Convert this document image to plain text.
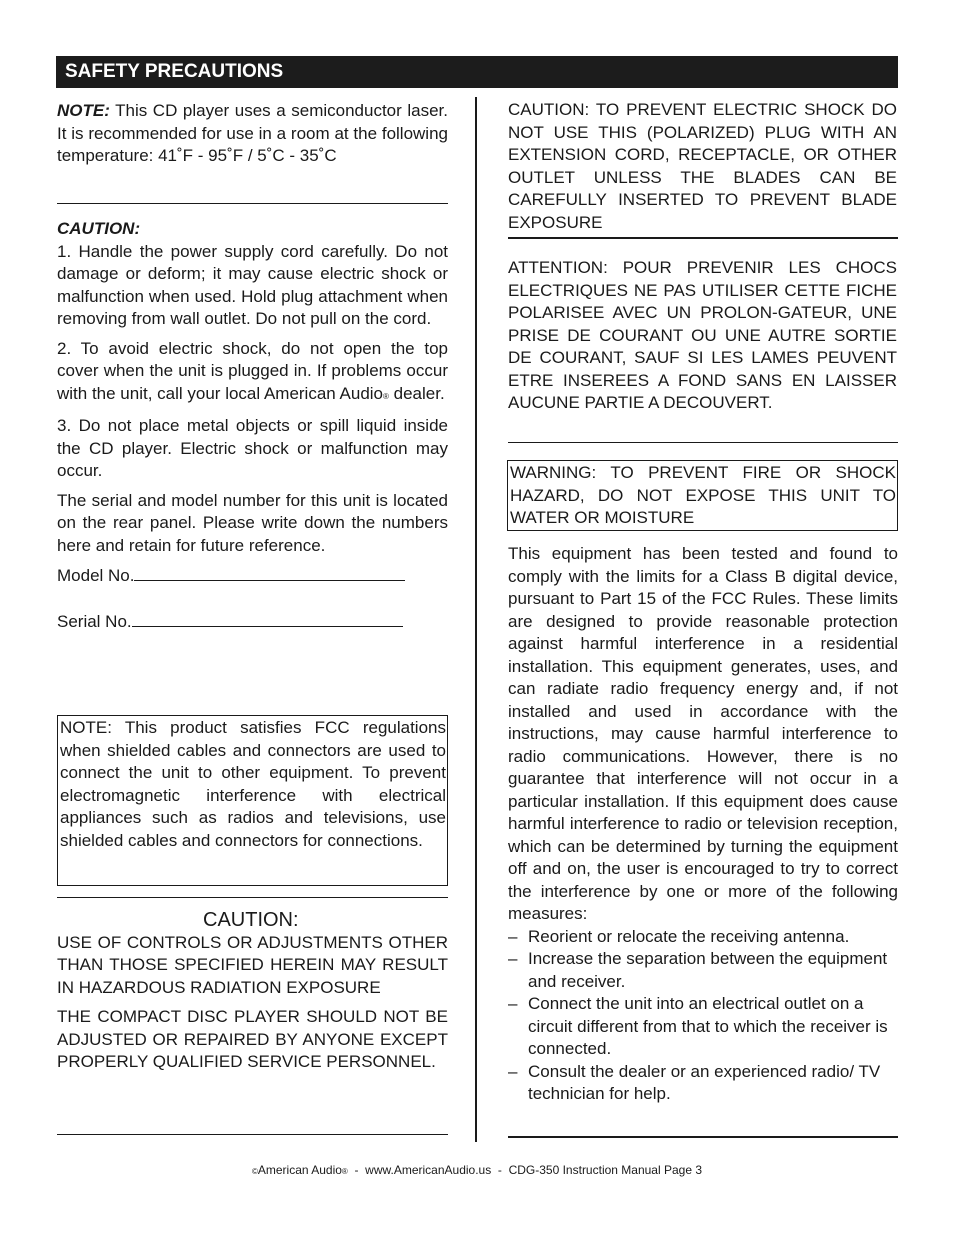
SAFETY PRECAUTIONS

NOTE: This CD player uses a semiconductor laser. It is recommended for use in a room at the following temperature: 41˚F - 95˚F / 5˚C - 35˚C

CAUTION:

1. Handle the power supply cord carefully. Do not damage or deform; it may cause electric shock or malfunction when used. Hold plug attachment when removing from wall outlet. Do not pull on the cord.

2. To avoid electric shock, do not open the top cover when the unit is plugged in. If problems occur with the unit, call your local American Audio® dealer.

3. Do not place metal objects or spill liquid inside the CD player. Electric shock or malfunction may occur.

The serial and model number for this unit is located on the rear panel. Please write down the numbers here and retain for future reference.

Model No.

Serial No.

NOTE: This product satisfies FCC regulations when shielded cables and connectors are used to connect the unit to other equipment. To prevent electromagnetic interference with electrical appliances such as radios and televisions, use shielded cables and connectors for connections.

CAUTION:

USE OF CONTROLS OR ADJUSTMENTS OTHER THAN THOSE SPECIFIED HEREIN MAY RESULT IN HAZARDOUS RADIATION EXPOSURE

THE COMPACT DISC PLAYER SHOULD NOT BE ADJUSTED OR REPAIRED BY ANYONE EXCEPT PROPERLY QUALIFIED SERVICE PERSONNEL.

CAUTION: TO PREVENT ELECTRIC SHOCK DO NOT USE THIS (POLARIZED) PLUG WITH AN EXTENSION CORD, RECEPTACLE, OR OTHER OUTLET UNLESS THE BLADES CAN BE CAREFULLY INSERTED TO PREVENT BLADE EXPOSURE

ATTENTION: POUR PREVENIR LES CHOCS ELECTRIQUES NE PAS UTILISER CETTE FICHE POLARISEE AVEC UN PROLON-GATEUR, UNE PRISE DE COURANT OU UNE AUTRE SORTIE DE COURANT, SAUF SI LES LAMES PEUVENT ETRE INSEREES A FOND SANS EN LAISSER AUCUNE PARTIE A DECOUVERT.

WARNING: TO PREVENT FIRE OR SHOCK HAZARD, DO NOT EXPOSE THIS UNIT TO WATER OR MOISTURE

This equipment has been tested and found to comply with the limits for a Class B digital device, pursuant to Part 15 of the FCC Rules. These limits are designed to provide reasonable protection against harmful interference in a residential installation. This equipment generates, uses, and can radiate radio frequency energy and, if not installed and used in accordance with the instructions, may cause harmful interference to radio communications. However, there is no guarantee that interference will not occur in a particular installation. If this equipment does cause harmful interference to radio or television reception, which can be determined by turning the equipment off and on, the user is encouraged to try to correct the interference by one or more of the following measures:

– Reorient or relocate the receiving antenna.
– Increase the separation between the equipment and receiver.
– Connect the unit into an electrical outlet on a circuit different from that to which the receiver is connected.
– Consult the dealer or an experienced radio/ TV technician for help.
©American Audio®  -  www.AmericanAudio.us  -  CDG-350 Instruction Manual Page 3
